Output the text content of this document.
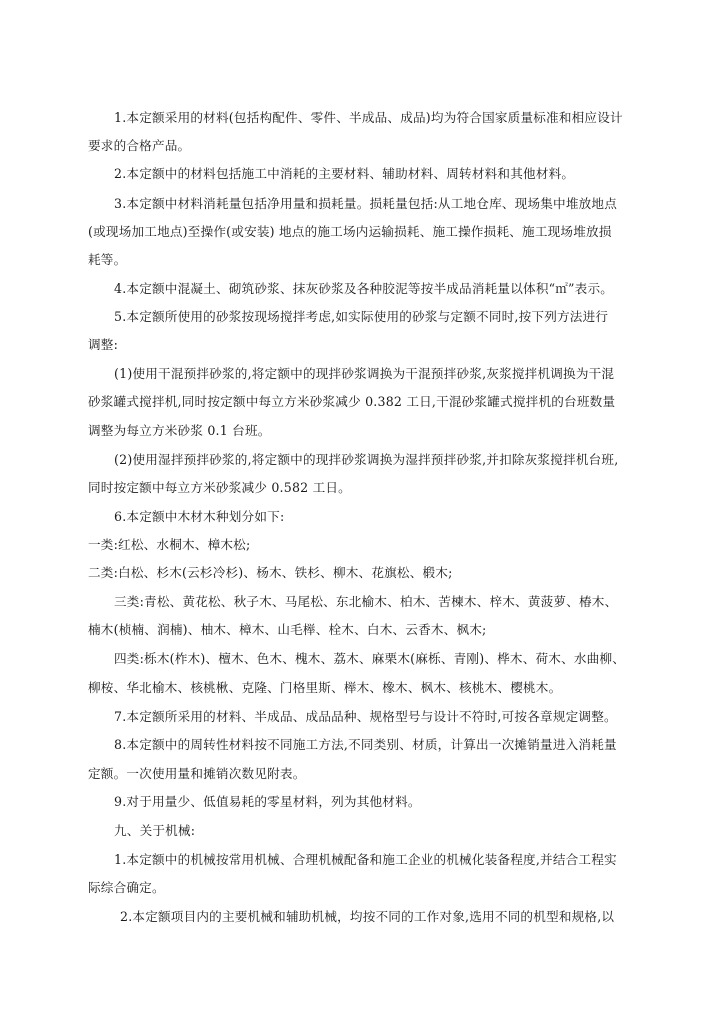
1.本定额采用的材料(包括构配件、零件、半成品、成品)均为符合国家质量标准和相应设计
要求的合格产品。
2.本定额中的材料包括施工中消耗的主要材料、辅助材料、周转材料和其他材料。
3.本定额中材料消耗量包括净用量和损耗量。损耗量包括:从工地仓库、现场集中堆放地点
(或现场加工地点)至操作(或安装) 地点的施工场内运输损耗、施工操作损耗、施工现场堆放损
耗等。
4.本定额中混凝土、砌筑砂浆、抹灰砂浆及各种胶泥等按半成品消耗量以体积“㎡”表示。
5.本定额所使用的砂浆按现场搅拌考虑,如实际使用的砂浆与定额不同时,按下列方法进行
调整:
(1)使用干混预拌砂浆的,将定额中的现拌砂浆调换为干混预拌砂浆,灰浆搅拌机调换为干混
砂浆罐式搅拌机,同时按定额中每立方米砂浆减少 0.382 工日,干混砂浆罐式搅拌机的台班数量
调整为每立方米砂浆 0.1 台班。
(2)使用湿拌预拌砂浆的,将定额中的现拌砂浆调换为湿拌预拌砂浆,并扣除灰浆搅拌机台班,
同时按定额中每立方米砂浆减少 0.582 工日。
6.本定额中木材木种划分如下:
一类:红松、水桐木、樟木松;
二类:白松、杉木(云杉冷杉)、杨木、铁杉、柳木、花旗松、椴木;
三类:青松、黄花松、秋子木、马尾松、东北榆木、柏木、苦楝木、梓木、黄菠萝、椿木、
楠木(桢楠、润楠)、柚木、樟木、山毛榉、栓木、白木、云香木、枫木;
四类:栎木(柞木)、檀木、色木、槐木、荔木、麻栗木(麻栎、青刚)、桦木、荷木、水曲柳、
柳桉、华北榆木、核桃楸、克隆、门格里斯、榉木、橡木、枫木、核桃木、樱桃木。
7.本定额所采用的材料、半成品、成品品种、规格型号与设计不符时,可按各章规定调整。
8.本定额中的周转性材料按不同施工方法,不同类别、材质，计算出一次摊销量进入消耗量
定额。一次使用量和摊销次数见附表。
9.对于用量少、低值易耗的零星材料，列为其他材料。
九、关于机械:
1.本定额中的机械按常用机械、合理机械配备和施工企业的机械化装备程度,并结合工程实
际综合确定。
2.本定额项目内的主要机械和辅助机械，均按不同的工作对象,选用不同的机型和规格,以
